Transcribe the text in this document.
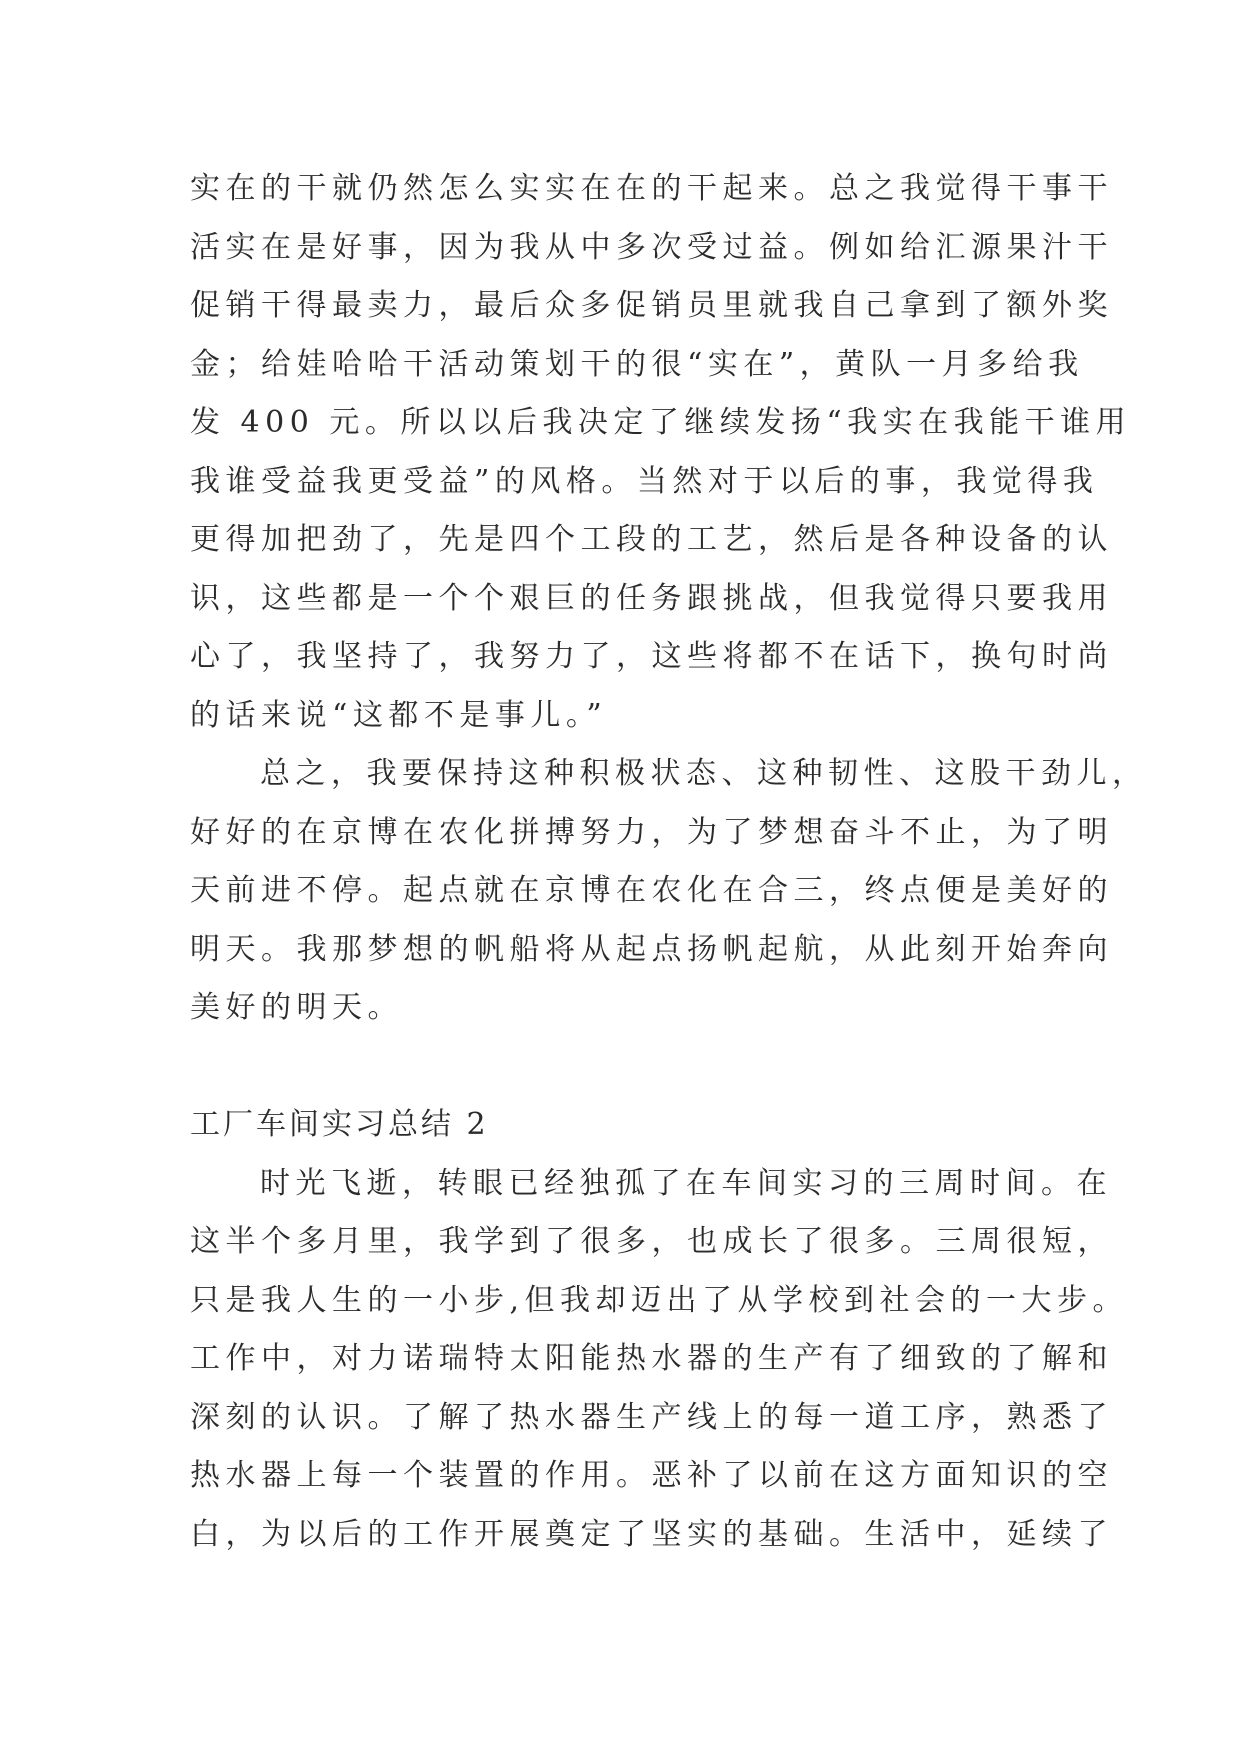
实在的干就仍然怎么实实在在的干起来。总之我觉得干事干
活实在是好事，因为我从中多次受过益。例如给汇源果汁干
促销干得最卖力，最后众多促销员里就我自己拿到了额外奖
金；给娃哈哈干活动策划干的很“实在”，黄队一月多给我
发 400 元。所以以后我决定了继续发扬“我实在我能干谁用
我谁受益我更受益”的风格。当然对于以后的事，我觉得我
更得加把劲了，先是四个工段的工艺，然后是各种设备的认
识，这些都是一个个艰巨的任务跟挑战，但我觉得只要我用
心了，我坚持了，我努力了，这些将都不在话下，换句时尚
的话来说“这都不是事儿。”
总之，我要保持这种积极状态、这种韧性、这股干劲儿，
好好的在京博在农化拼搏努力，为了梦想奋斗不止，为了明
天前进不停。起点就在京博在农化在合三，终点便是美好的
明天。我那梦想的帆船将从起点扬帆起航，从此刻开始奔向
美好的明天。
工厂车间实习总结 2
时光飞逝，转眼已经独孤了在车间实习的三周时间。在
这半个多月里，我学到了很多，也成长了很多。三周很短，
只是我人生的一小步,但我却迈出了从学校到社会的一大步。
工作中，对力诺瑞特太阳能热水器的生产有了细致的了解和
深刻的认识。了解了热水器生产线上的每一道工序，熟悉了
热水器上每一个装置的作用。恶补了以前在这方面知识的空
白，为以后的工作开展奠定了坚实的基础。生活中，延续了
